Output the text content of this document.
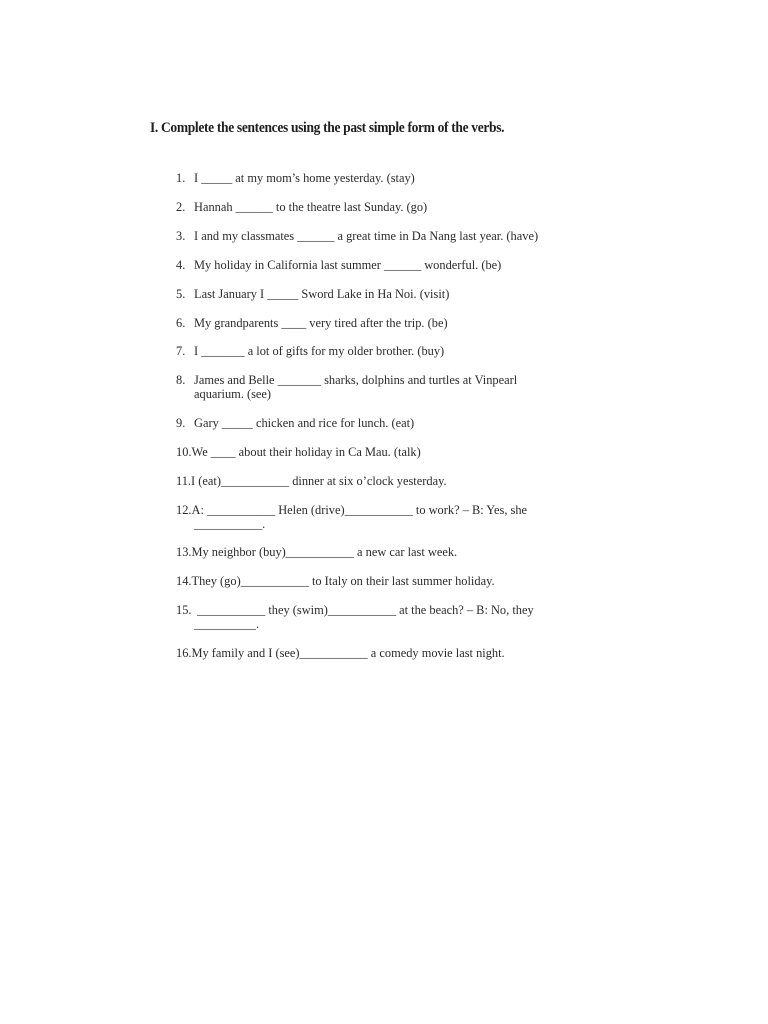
I. Complete the sentences using the past simple form of the verbs.
1. I _____ at my mom’s home yesterday. (stay)
2. Hannah ______ to the theatre last Sunday. (go)
3. I and my classmates ______ a great time in Da Nang last year. (have)
4. My holiday in California last summer ______ wonderful. (be)
5. Last January I _____ Sword Lake in Ha Noi. (visit)
6. My grandparents ____ very tired after the trip. (be)
7. I _______ a lot of gifts for my older brother. (buy)
8. James and Belle _______ sharks, dolphins and turtles at Vinpearl
aquarium. (see)
9. Gary _____ chicken and rice for lunch. (eat)
10.We ____ about their holiday in Ca Mau. (talk)
11.I (eat)___________ dinner at six o’clock yesterday.
12.A: ___________ Helen (drive)___________ to work? – B: Yes, she
___________.
13.My neighbor (buy)___________ a new car last week.
14.They (go)___________ to Italy on their last summer holiday.
15. ___________ they (swim)___________ at the beach? – B: No, they
__________.
16.My family and I (see)___________ a comedy movie last night.
